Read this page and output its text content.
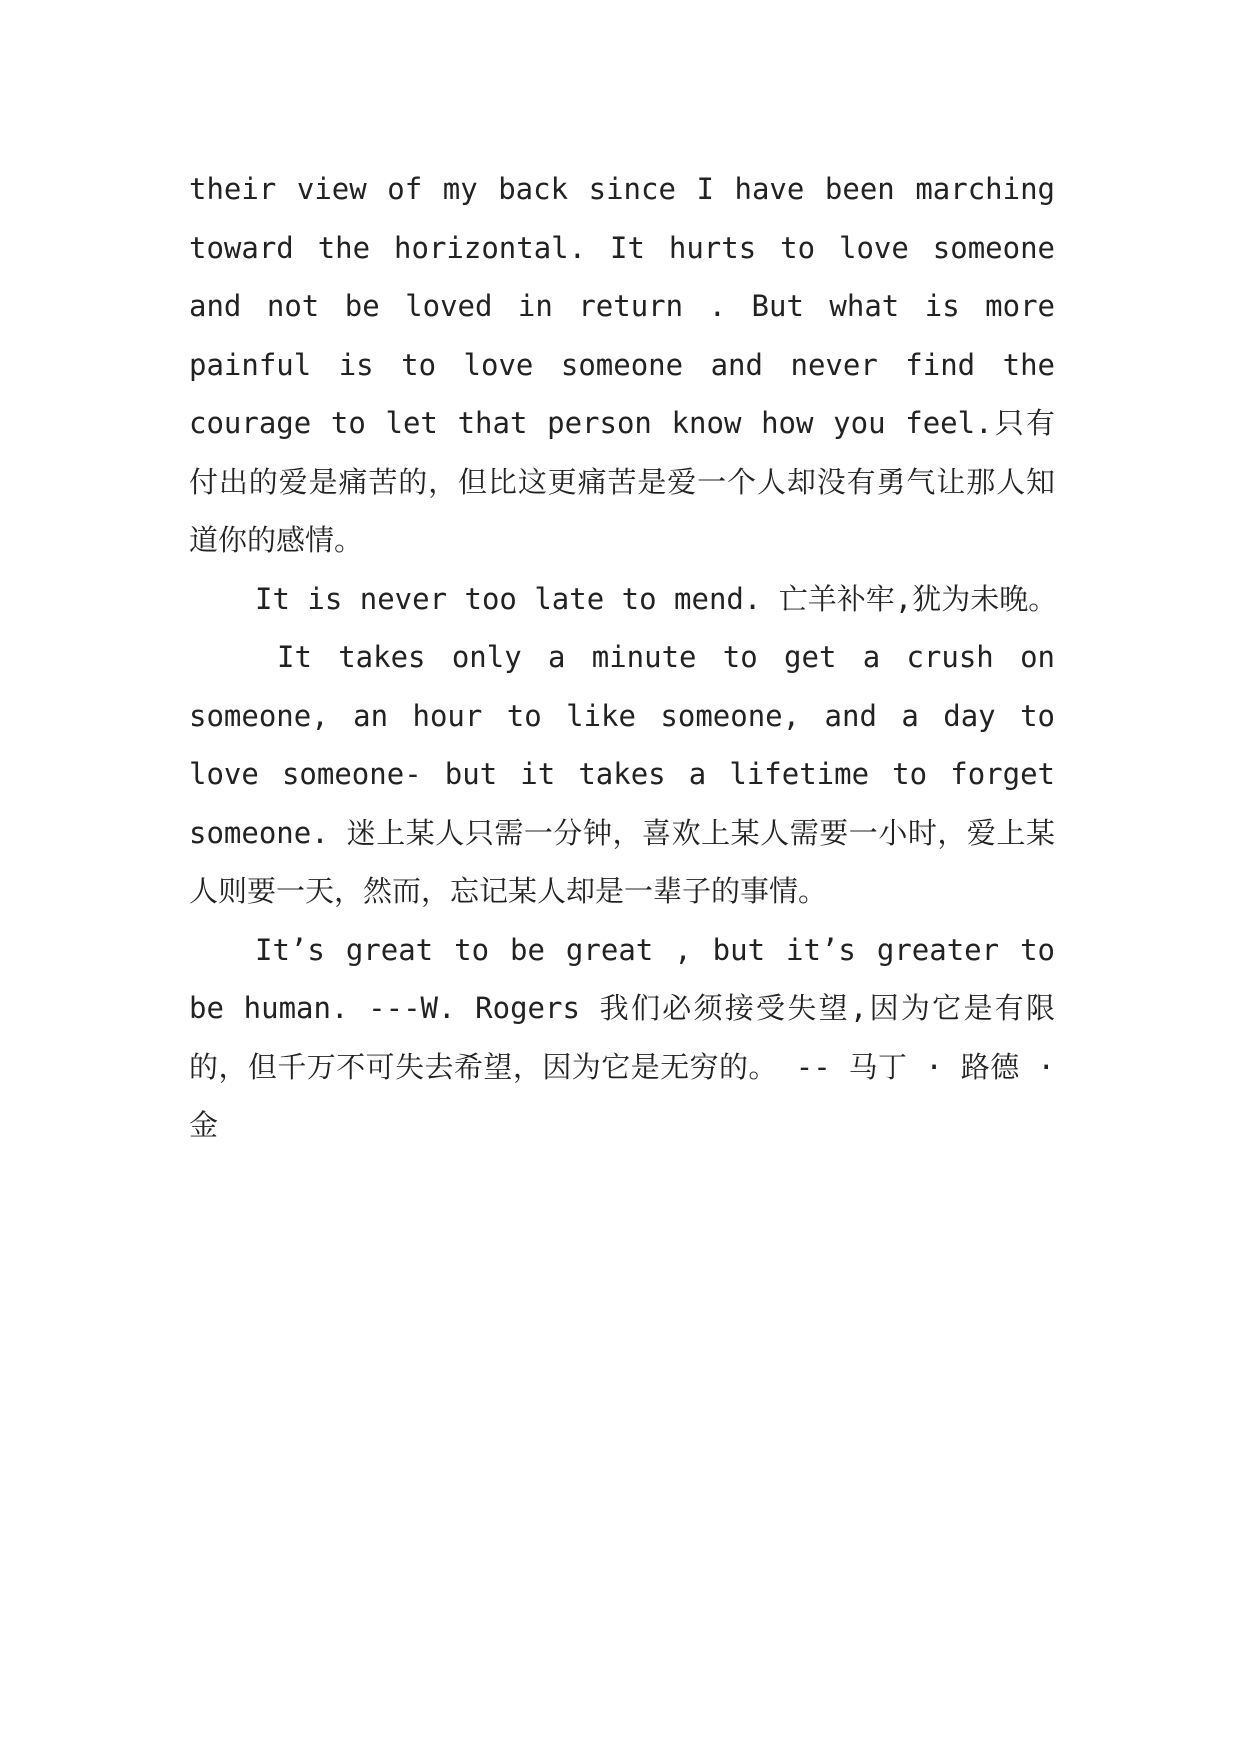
their view of my back since I have been marching toward the horizontal. It hurts to love someone and not be loved in return . But what is more painful is to love someone and never find the courage to let that person know how you feel.只有付出的爱是痛苦的，但比这更痛苦是爱一个人却没有勇气让那人知道你的感情。

It is never too late to mend. 亡羊补牢,犹为未晚。

It takes only a minute to get a crush on someone, an hour to like someone, and a day to love someone- but it takes a lifetime to forget someone. 迷上某人只需一分钟，喜欢上某人需要一小时，爱上某人则要一天，然而，忘记某人却是一辈子的事情。

It’s great to be great , but it’s greater to be human. ---W. Rogers 我们必须接受失望,因为它是有限的，但千万不可失去希望，因为它是无穷的。 -- 马丁 · 路德 · 金
